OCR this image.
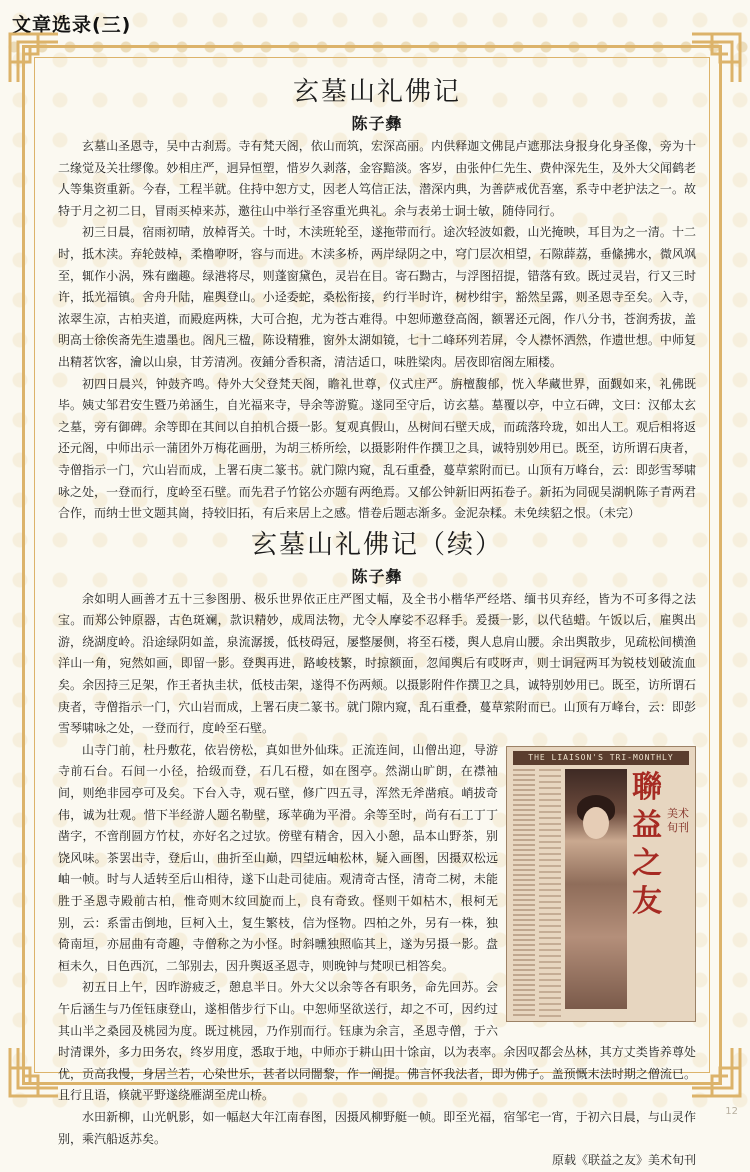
文章选录(三)
玄墓山礼佛记
陈子彝

玄墓山圣恩寺，吴中古刹焉。寺有梵天阁，依山而筑，宏深高丽。内供释迦文佛昆卢遮那法身报身化身圣像，旁为十二缘觉及关壮缪像。妙相庄严，迥异恒塑，惜岁久剥落，金容黯淡。客岁，由张仲仁先生、费仲深先生，及外大父闻鹤老人等集资重新。今春，工程半就。住持中恕方丈，因老人笃信正法，潜深内典，为善萨戒优吾塞，系寺中老护法之一。故特于月之初二日，冒雨买棹来苏，邀往山中举行圣容重光典礼。余与表弟士诇士敏，随侍同行。

初三日晨，宿雨初晴，放棹胥关。十时，木渎班轮至，遂拖带而行。途次轻波如縠，山光掩映，耳目为之一清。十二时，抵木渎。弃轮鼓棹，柔橹咿呀，容与而进。木渎多桥，两岸绿阴之中，穹门层次相望，石隙薜荔，垂絛拂水，微风飒至，辄作小涡，殊有幽趣。绿港将尽，则蓬窗黛色，灵岩在目。寄石黝古，与浮图招提，错落有致。既过灵岩，行又三时许，抵光福镇。舍舟升陆，雇舆登山。小迳委蛇，桑松衔接，约行半时许，树杪绀宇，豁然呈露，则圣恩寺至矣。入寺，浓翠生凉，古柏夹道，而殿庭两株，大可合抱，尤为苍古难得。中恕师邀登高阁，额署还元阁，作八分书，苍润秀拔，盖明高士徐俟斋先生遗墨也。阁凡三楹，陈设精雅，窗外太湖如镜，七十二峰环列若屏，令人襟怀洒然，作遗世想。中师复出精茗饮客，瀹以山泉，甘芳清冽。夜鋪分香积斋，清洁适口，味胜梁肉。居夜即宿阁左厢楼。

初四日晨兴，钟鼓齐鸣。侍外大父登梵天阁，瞻礼世尊，仪式庄严。旃檀馥郁，恍入华藏世界，面觐如来，礼佛既毕。姨丈邹君安生暨乃弟涵生，自光福来寺，导余等游覧。遂同至守后，访玄墓。墓覆以亭，中立石碑，文曰：汉郁太玄之墓，旁有御碑。余等即在其间以自拍机合摄一影。复观真假山，丛树间石壁天成，而疏落玲珑，如出人工。观后相将返还元阁，中师出示一蒲团外万梅花画册，为胡三桥所绘，以摄影附件作撰卫之具，诚特别妙用已。既至，访所谓石庚者，寺僧指示一门，穴山岩而成，上署石庚二篆书。就门隙内窥，乱石重叠，蔓草萦附而已。山顶有万峰台，云：即彭雪琴啸咏之处，一登而行，度岭至石壁。而先君子竹铭公亦题有两绝焉。又郁公钟新旧两拓卷子。新拓为同砚吴湖帆陈子青两君合作，而纳士世文题其崗，持较旧拓，有后来居上之感。惜卷后题志渐多。金泥杂糅。未免续貂之恨。（未完）

玄墓山礼佛记（续）
陈子彝

余如明人画善才五十三参图册、极乐世界依正庄严图丈幅，及全书小楷华严经塔、缅书贝弃经，皆为不可多得之法宝。而郑公钟原器，古色斑斓，款识精妙，成周法物，尤令人摩娑不忍释手。爰摄一影，以代毡蜡。午饭以后，雇舆出游，绕湖度岭。沿途绿阴如盖，泉流潺援，低枝碍冠，屡整屡侧，将至石楼，舆人息肩山腰。余出舆散步，见疏松间横渔洋山一角，宛然如画，即留一影。登舆再进，路峻枝繁，时掠额面，忽闻舆后有哎呀声，则士诇冠两耳为锐枝划破流血矣。余因持三足架，作王者执圭状，低枝击架，遂得不伤两颊。以摄影附件作撰卫之具，诚特别妙用已。既至，访所谓石庚者，寺僧指示一门，穴山岩而成，上署石庚二篆书。就门隙内窥，乱石重叠，蔓草萦附而已。山顶有万峰台，云：即彭雪琴啸咏之处，一登而行，度岭至石壁。

THE LIAISON'S TRI-MONTHLY
聯益之友
美术旬刊

山寺门前，杜丹敷花，依岩傍松，真如世外仙珠。正流连间，山僧出迎，导游寺前石台。石间一小径，拾级而登，石几石橙，如在图亭。然湖山旷朗，在襟袖间，则绝非园亭可及矣。下台入寺，观石壁，修广四五寻，浑然无斧凿痕。峭拔奇伟，诚为壮观。惜下半经游人题名勒壁，琢苹确为平滑。余等至时，尚有石工丁丁凿字，不啻削圆方竹杖，亦好名之过欤。傍壁有精舍，因入小憩，品本山野茶，别饶风味。茶罢出寺，登后山，曲折至山巅，四望远岫松林，疑入画图，因摄双松远岫一帧。时与人适转至后山相待，遂下山赴司徒庙。观清奇古怪，清奇二树，未能胜于圣恩寺殿前古柏，惟奇则木纹回旋而上，良有奇致。怪则干如枯木，根柯无别，云：系雷击倒地，巨柯入土，复生繁枝，信为怪物。四柏之外，另有一株，独倚南垣，亦屈曲有奇趣，寺僧称之为小怪。时斜曛独照临其上，遂为另摄一影。盘桓未久，日色西沉，二邹别去，因升舆返圣恩寺，则晚钟与梵呗已相答矣。

初五日上午，因昨游疲乏，憩息半日。外大父以余等各有职务，命先回苏。会午后涵生与乃侄钰康登山，遂相偕步行下山。中恕师坚欲送行，却之不可，因约过其山半之桑园及桃园为度。既过桃园，乃作别而行。钰康为余言，圣恩寺僧，于六时清课外，多力田务农，终岁用度，悉取于地，中师亦于耕山田十馀亩，以为表率。余因叹都会丛林，其方丈类皆养尊处优，贡高我慢，身居兰若，心染世乐，甚者以同闇黎，作一阐提。佛言怀我法者，即为佛子。盖预慨末法时期之僧流已。且行且语，倏就平野遂绕雁湖至虎山桥。

水田新柳，山光帆影，如一幅赵大年江南春图，因摄风柳野艇一帧。即至光福，宿邹宅一宵，于初六日晨，与山灵作别，乘汽船返苏矣。

原载《联益之友》美术旬刊

12
